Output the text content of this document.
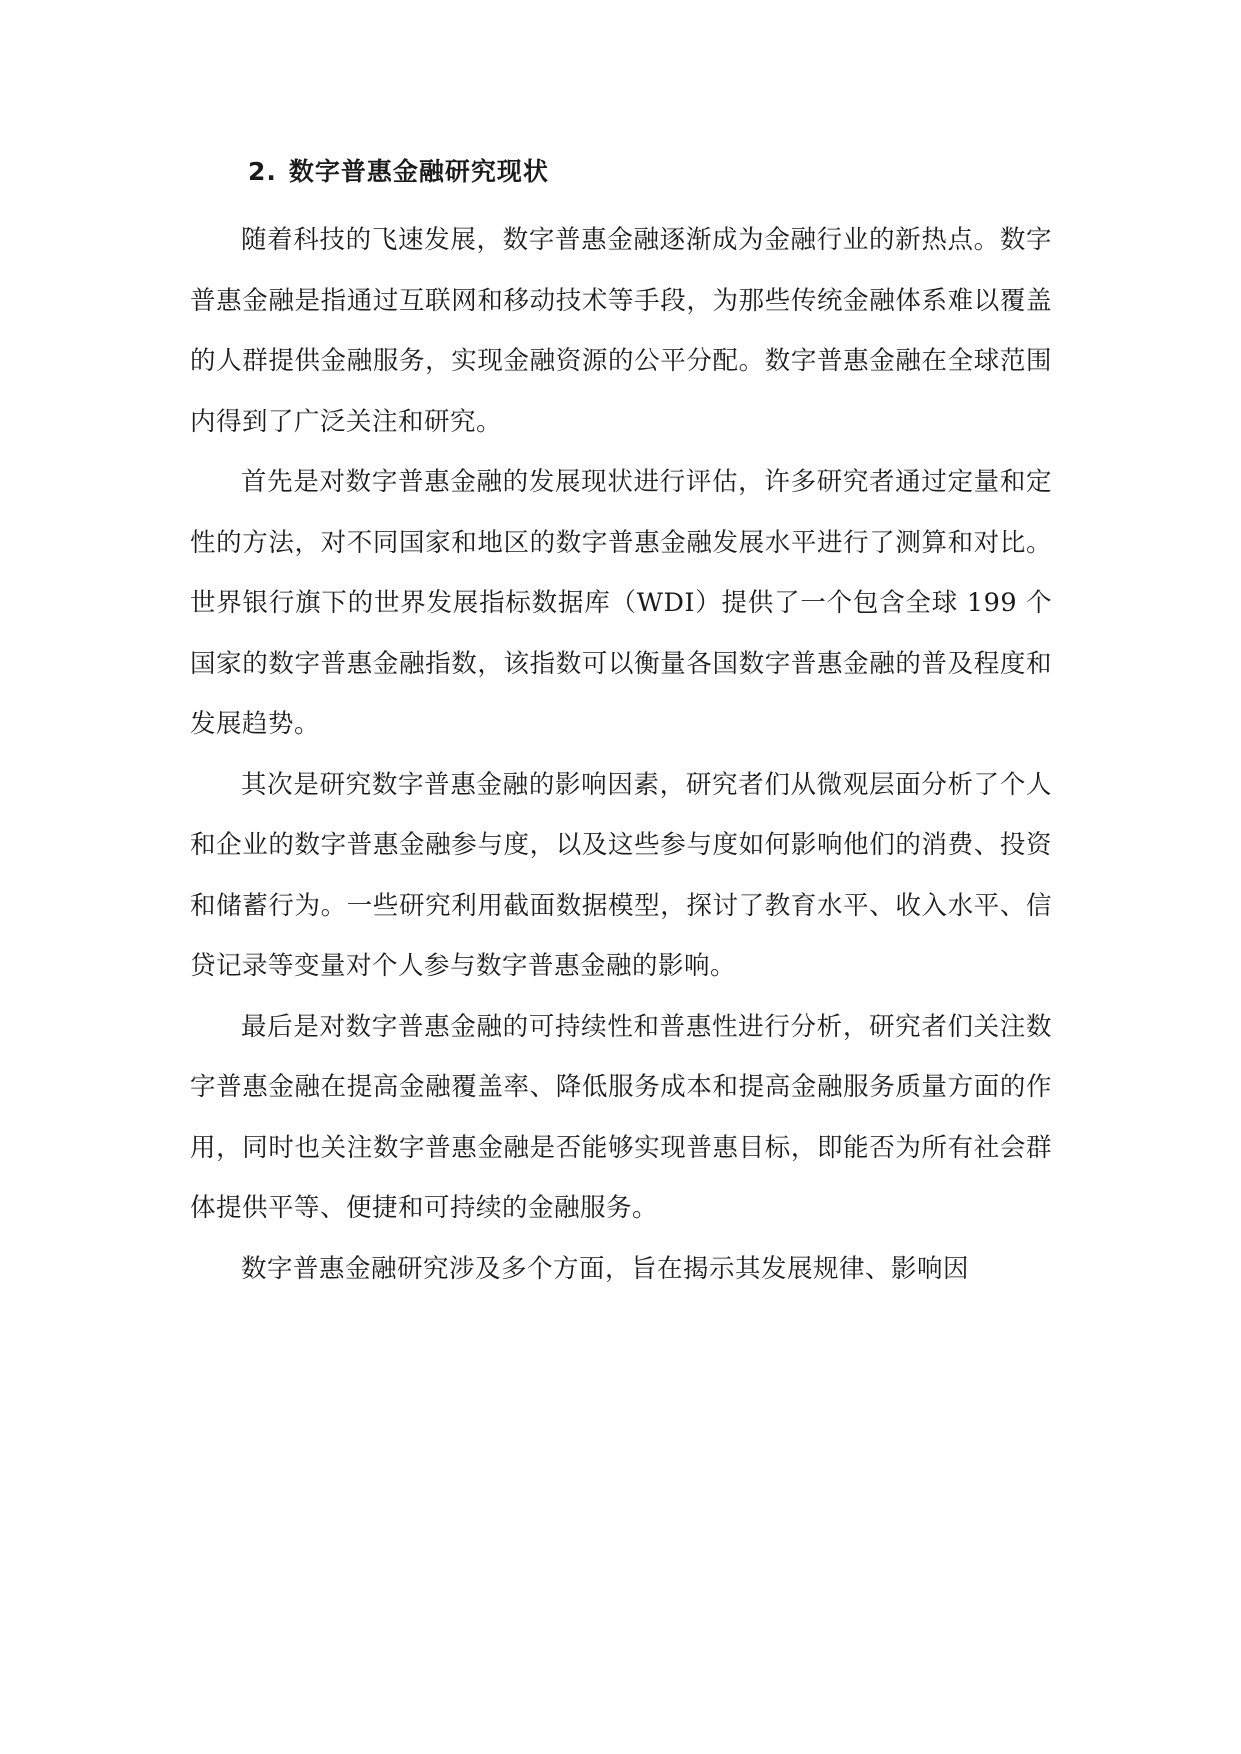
2. 数字普惠金融研究现状

随着科技的飞速发展，数字普惠金融逐渐成为金融行业的新热点。数字普惠金融是指通过互联网和移动技术等手段，为那些传统金融体系难以覆盖的人群提供金融服务，实现金融资源的公平分配。数字普惠金融在全球范围内得到了广泛关注和研究。

首先是对数字普惠金融的发展现状进行评估，许多研究者通过定量和定性的方法，对不同国家和地区的数字普惠金融发展水平进行了测算和对比。世界银行旗下的世界发展指标数据库（WDI）提供了一个包含全球 199 个国家的数字普惠金融指数，该指数可以衡量各国数字普惠金融的普及程度和发展趋势。

其次是研究数字普惠金融的影响因素，研究者们从微观层面分析了个人和企业的数字普惠金融参与度，以及这些参与度如何影响他们的消费、投资和储蓄行为。一些研究利用截面数据模型，探讨了教育水平、收入水平、信贷记录等变量对个人参与数字普惠金融的影响。

最后是对数字普惠金融的可持续性和普惠性进行分析，研究者们关注数字普惠金融在提高金融覆盖率、降低服务成本和提高金融服务质量方面的作用，同时也关注数字普惠金融是否能够实现普惠目标，即能否为所有社会群体提供平等、便捷和可持续的金融服务。

数字普惠金融研究涉及多个方面，旨在揭示其发展规律、影响因
